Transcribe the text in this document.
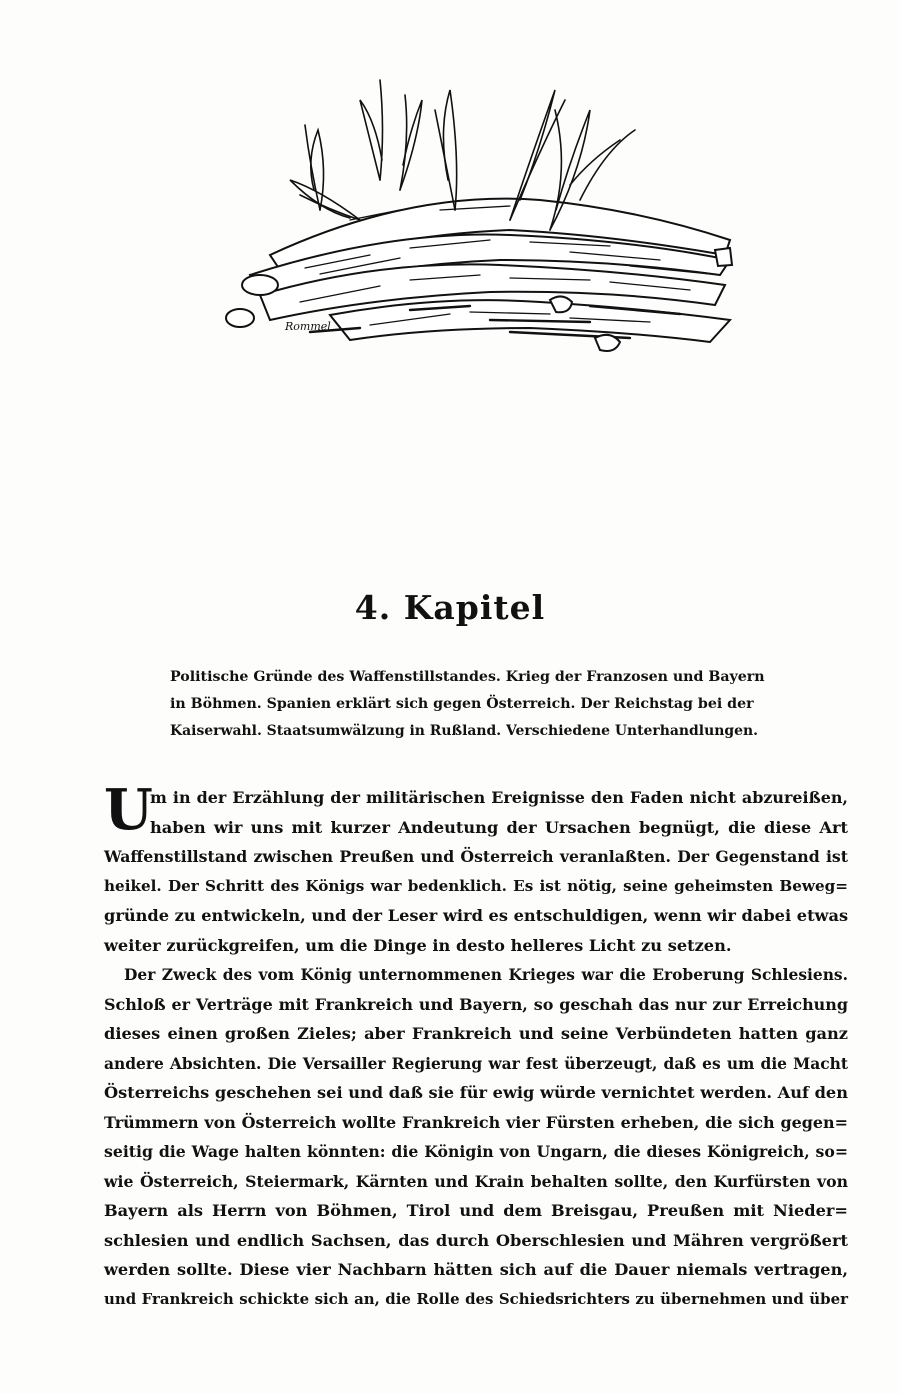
Rommel
4. Kapitel
Politische Gründe des Waffenstillstandes. Krieg der Franzosen und Bayern
in Böhmen. Spanien erklärt sich gegen Österreich. Der Reichstag bei der
Kaiserwahl. Staatsumwälzung in Rußland. Verschiedene Unterhandlungen.
U
m in der Erzählung der militärischen Ereignisse den Faden nicht abzureißen,
haben wir uns mit kurzer Andeutung der Ursachen begnügt, die diese Art
Waffenstillstand zwischen Preußen und Österreich veranlaßten. Der Gegenstand ist
heikel. Der Schritt des Königs war bedenklich. Es ist nötig, seine geheimsten Beweg=
gründe zu entwickeln, und der Leser wird es entschuldigen, wenn wir dabei etwas
weiter zurückgreifen, um die Dinge in desto helleres Licht zu setzen.
Der Zweck des vom König unternommenen Krieges war die Eroberung Schlesiens.
Schloß er Verträge mit Frankreich und Bayern, so geschah das nur zur Erreichung
dieses einen großen Zieles; aber Frankreich und seine Verbündeten hatten ganz
andere Absichten. Die Versailler Regierung war fest überzeugt, daß es um die Macht
Österreichs geschehen sei und daß sie für ewig würde vernichtet werden. Auf den
Trümmern von Österreich wollte Frankreich vier Fürsten erheben, die sich gegen=
seitig die Wage halten könnten: die Königin von Ungarn, die dieses Königreich, so=
wie Österreich, Steiermark, Kärnten und Krain behalten sollte, den Kurfürsten von
Bayern als Herrn von Böhmen, Tirol und dem Breisgau, Preußen mit Nieder=
schlesien und endlich Sachsen, das durch Oberschlesien und Mähren vergrößert
werden sollte. Diese vier Nachbarn hätten sich auf die Dauer niemals vertragen,
und Frankreich schickte sich an, die Rolle des Schiedsrichters zu übernehmen und über
